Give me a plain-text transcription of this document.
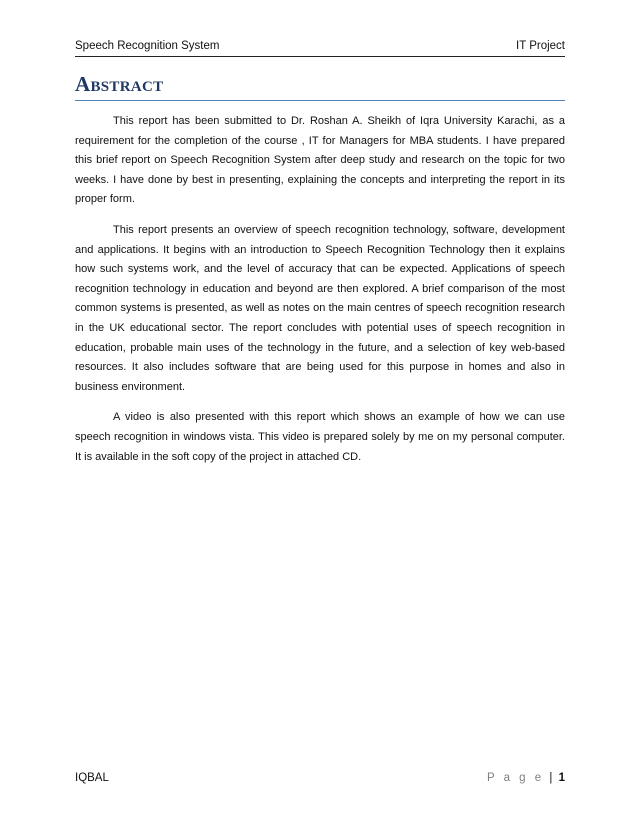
Speech Recognition System	IT Project
Abstract

This report has been submitted to Dr. Roshan A. Sheikh of Iqra University Karachi, as a requirement for the completion of the course , IT for Managers for MBA students. I have prepared this brief report on Speech Recognition System after deep study and research on the topic for two weeks. I have done by best in presenting, explaining the concepts and interpreting the report in its proper form.

This report presents an overview of speech recognition technology, software, development and applications. It begins with an introduction to Speech Recognition Technology then it explains how such systems work, and the level of accuracy that can be expected. Applications of speech recognition technology in education and beyond are then explored. A brief comparison of the most common systems is presented, as well as notes on the main centres of speech recognition research in the UK educational sector. The report concludes with potential uses of speech recognition in education, probable main uses of the technology in the future, and a selection of key web-based resources. It also includes software that are being used for this purpose in homes and also in business environment.

A video is also presented with this report which shows an example of how we can use speech recognition in windows vista. This video is prepared solely by me on my personal computer. It is available in the soft copy of the project in attached CD.

IQBAL	P a g e | 1
